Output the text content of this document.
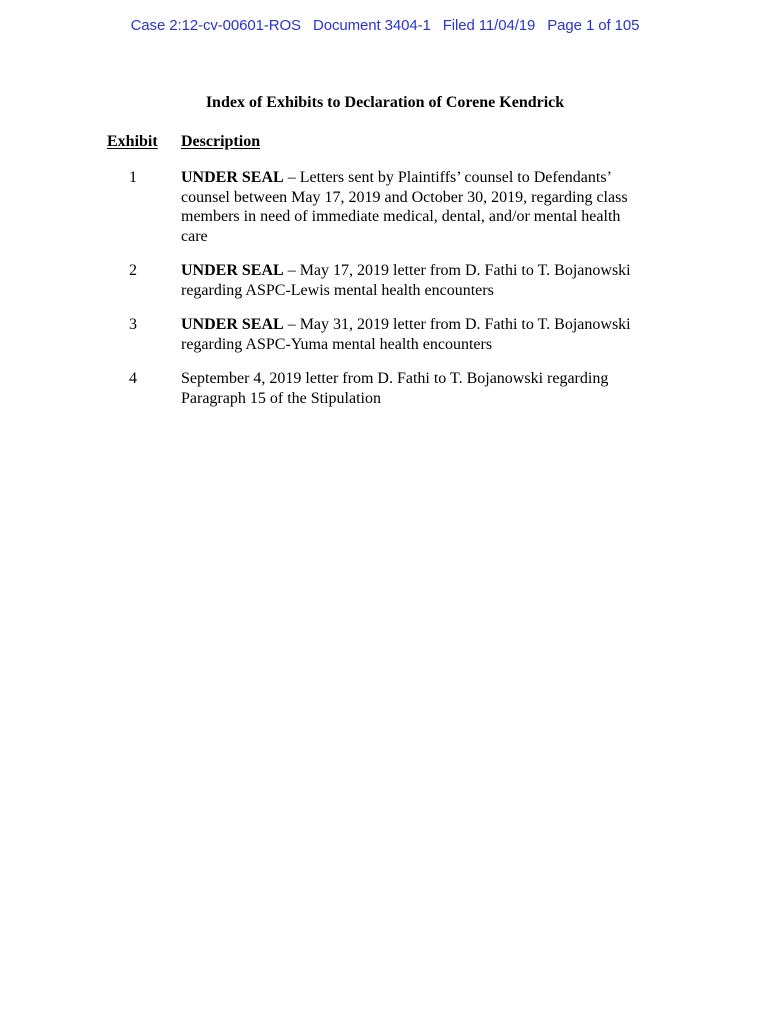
Case 2:12-cv-00601-ROS Document 3404-1 Filed 11/04/19 Page 1 of 105
Index of Exhibits to Declaration of Corene Kendrick
Exhibit Description
1	UNDER SEAL – Letters sent by Plaintiffs’ counsel to Defendants’ counsel between May 17, 2019 and October 30, 2019, regarding class members in need of immediate medical, dental, and/or mental health care
2	UNDER SEAL – May 17, 2019 letter from D. Fathi to T. Bojanowski regarding ASPC-Lewis mental health encounters
3	UNDER SEAL – May 31, 2019 letter from D. Fathi to T. Bojanowski regarding ASPC-Yuma mental health encounters
4	September 4, 2019 letter from D. Fathi to T. Bojanowski regarding Paragraph 15 of the Stipulation
